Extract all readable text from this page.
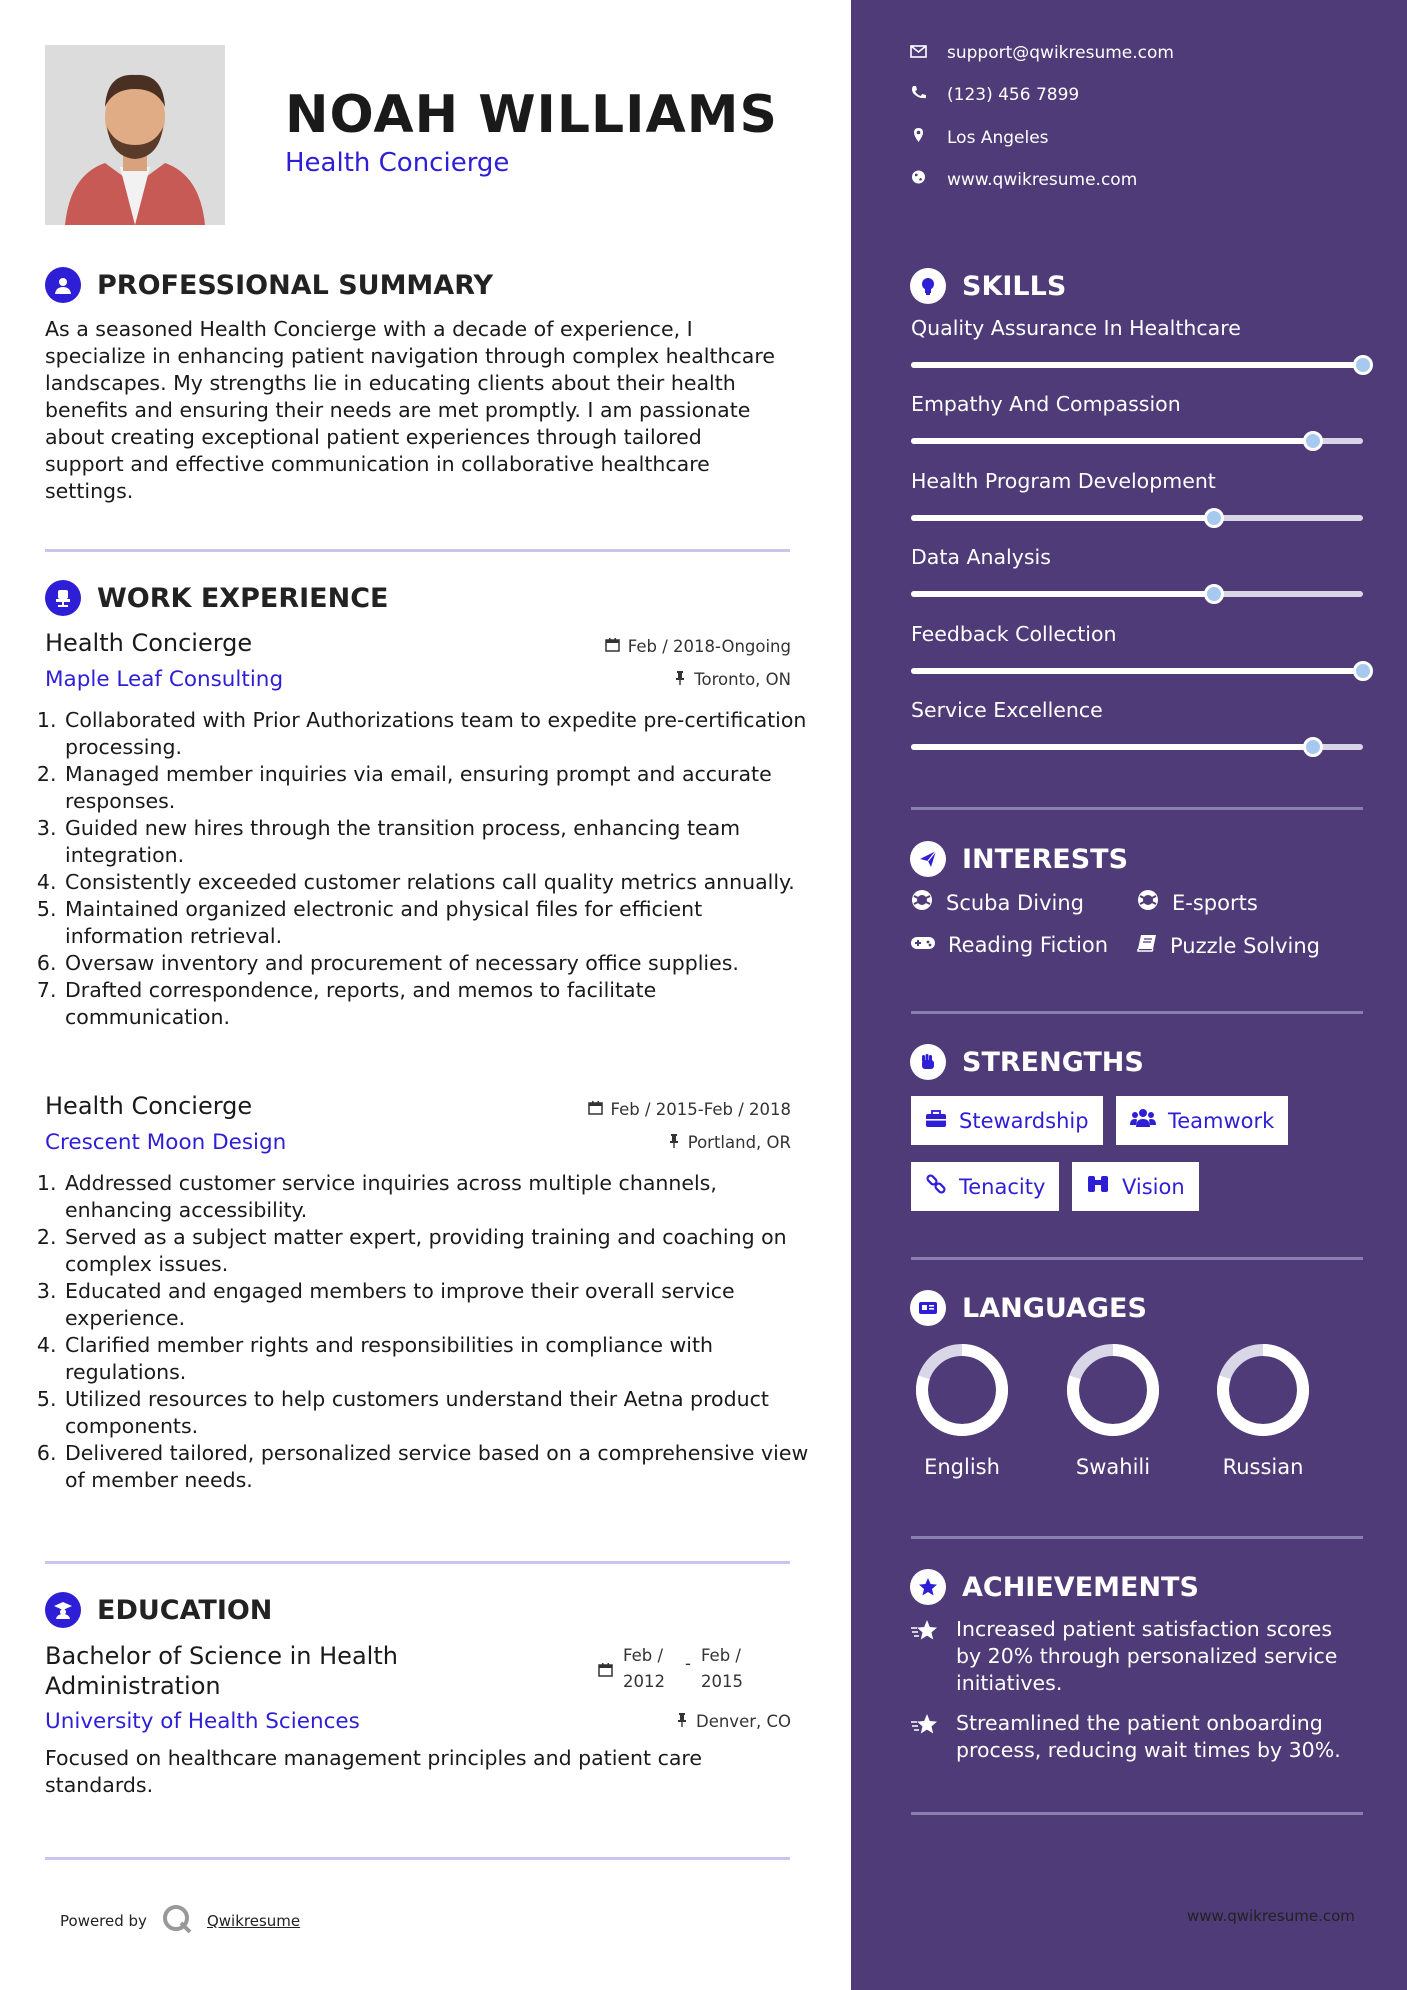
NOAH WILLIAMS
Health Concierge
PROFESSIONAL SUMMARY
As a seasoned Health Concierge with a decade of experience, I specialize in enhancing patient navigation through complex healthcare landscapes. My strengths lie in educating clients about their health benefits and ensuring their needs are met promptly. I am passionate about creating exceptional patient experiences through tailored support and effective communication in collaborative healthcare settings.
WORK EXPERIENCE
Health Concierge	Feb / 2018-Ongoing
Maple Leaf Consulting	Toronto, ON
1. Collaborated with Prior Authorizations team to expedite pre-certification processing.
2. Managed member inquiries via email, ensuring prompt and accurate responses.
3. Guided new hires through the transition process, enhancing team integration.
4. Consistently exceeded customer relations call quality metrics annually.
5. Maintained organized electronic and physical files for efficient information retrieval.
6. Oversaw inventory and procurement of necessary office supplies.
7. Drafted correspondence, reports, and memos to facilitate communication.
Health Concierge	Feb / 2015-Feb / 2018
Crescent Moon Design	Portland, OR
1. Addressed customer service inquiries across multiple channels, enhancing accessibility.
2. Served as a subject matter expert, providing training and coaching on complex issues.
3. Educated and engaged members to improve their overall service experience.
4. Clarified member rights and responsibilities in compliance with regulations.
5. Utilized resources to help customers understand their Aetna product components.
6. Delivered tailored, personalized service based on a comprehensive view of member needs.
EDUCATION
Bachelor of Science in Health Administration
Feb /
2012
- Feb /
2015
University of Health Sciences	Denver, CO
Focused on healthcare management principles and patient care standards.
Powered by	Qwikresume
support@qwikresume.com
(123) 456 7899
Los Angeles
www.qwikresume.com
SKILLS
Quality Assurance In Healthcare
Empathy And Compassion
Health Program Development
Data Analysis
Feedback Collection
Service Excellence
INTERESTS
Scuba Diving	E-sports
Reading Fiction	Puzzle Solving
STRENGTHS
Stewardship	Teamwork
Tenacity	Vision
LANGUAGES
English	Swahili	Russian
ACHIEVEMENTS
Increased patient satisfaction scores by 20% through personalized service initiatives.
Streamlined the patient onboarding process, reducing wait times by 30%.
www.qwikresume.com
